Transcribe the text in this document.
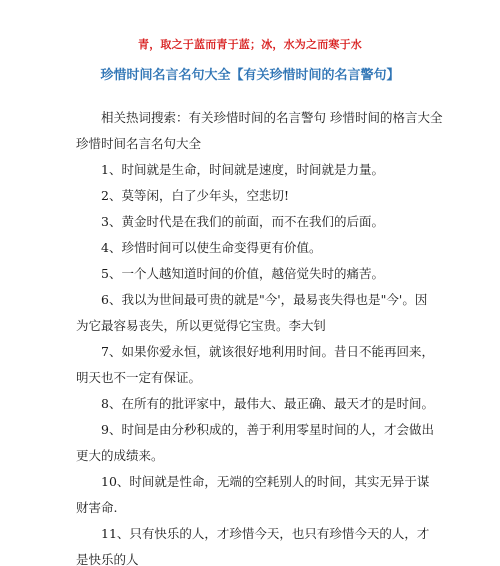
青，取之于蓝而青于蓝；冰，水为之而寒于水
珍惜时间名言名句大全【有关珍惜时间的名言警句】
相关热词搜索：有关珍惜时间的名言警句 珍惜时间的格言大全
珍惜时间名言名句大全
1、时间就是生命，时间就是速度，时间就是力量。
2、莫等闲，白了少年头，空悲切!
3、黄金时代是在我们的前面，而不在我们的后面。
4、珍惜时间可以使生命变得更有价值。
5、一个人越知道时间的价值，越倍觉失时的痛苦。
6、我以为世间最可贵的就是"今'，最易丧失得也是"今'。因
为它最容易丧失，所以更觉得它宝贵。李大钊
7、如果你爱永恒，就该很好地利用时间。昔日不能再回来，
明天也不一定有保证。
8、在所有的批评家中，最伟大、最正确、最天才的是时间。
9、时间是由分秒积成的，善于利用零星时间的人，才会做出
更大的成绩来。
10、时间就是性命，无端的空耗别人的时间，其实无异于谋
财害命.
11、只有快乐的人，才珍惜今天，也只有珍惜今天的人，才
是快乐的人
